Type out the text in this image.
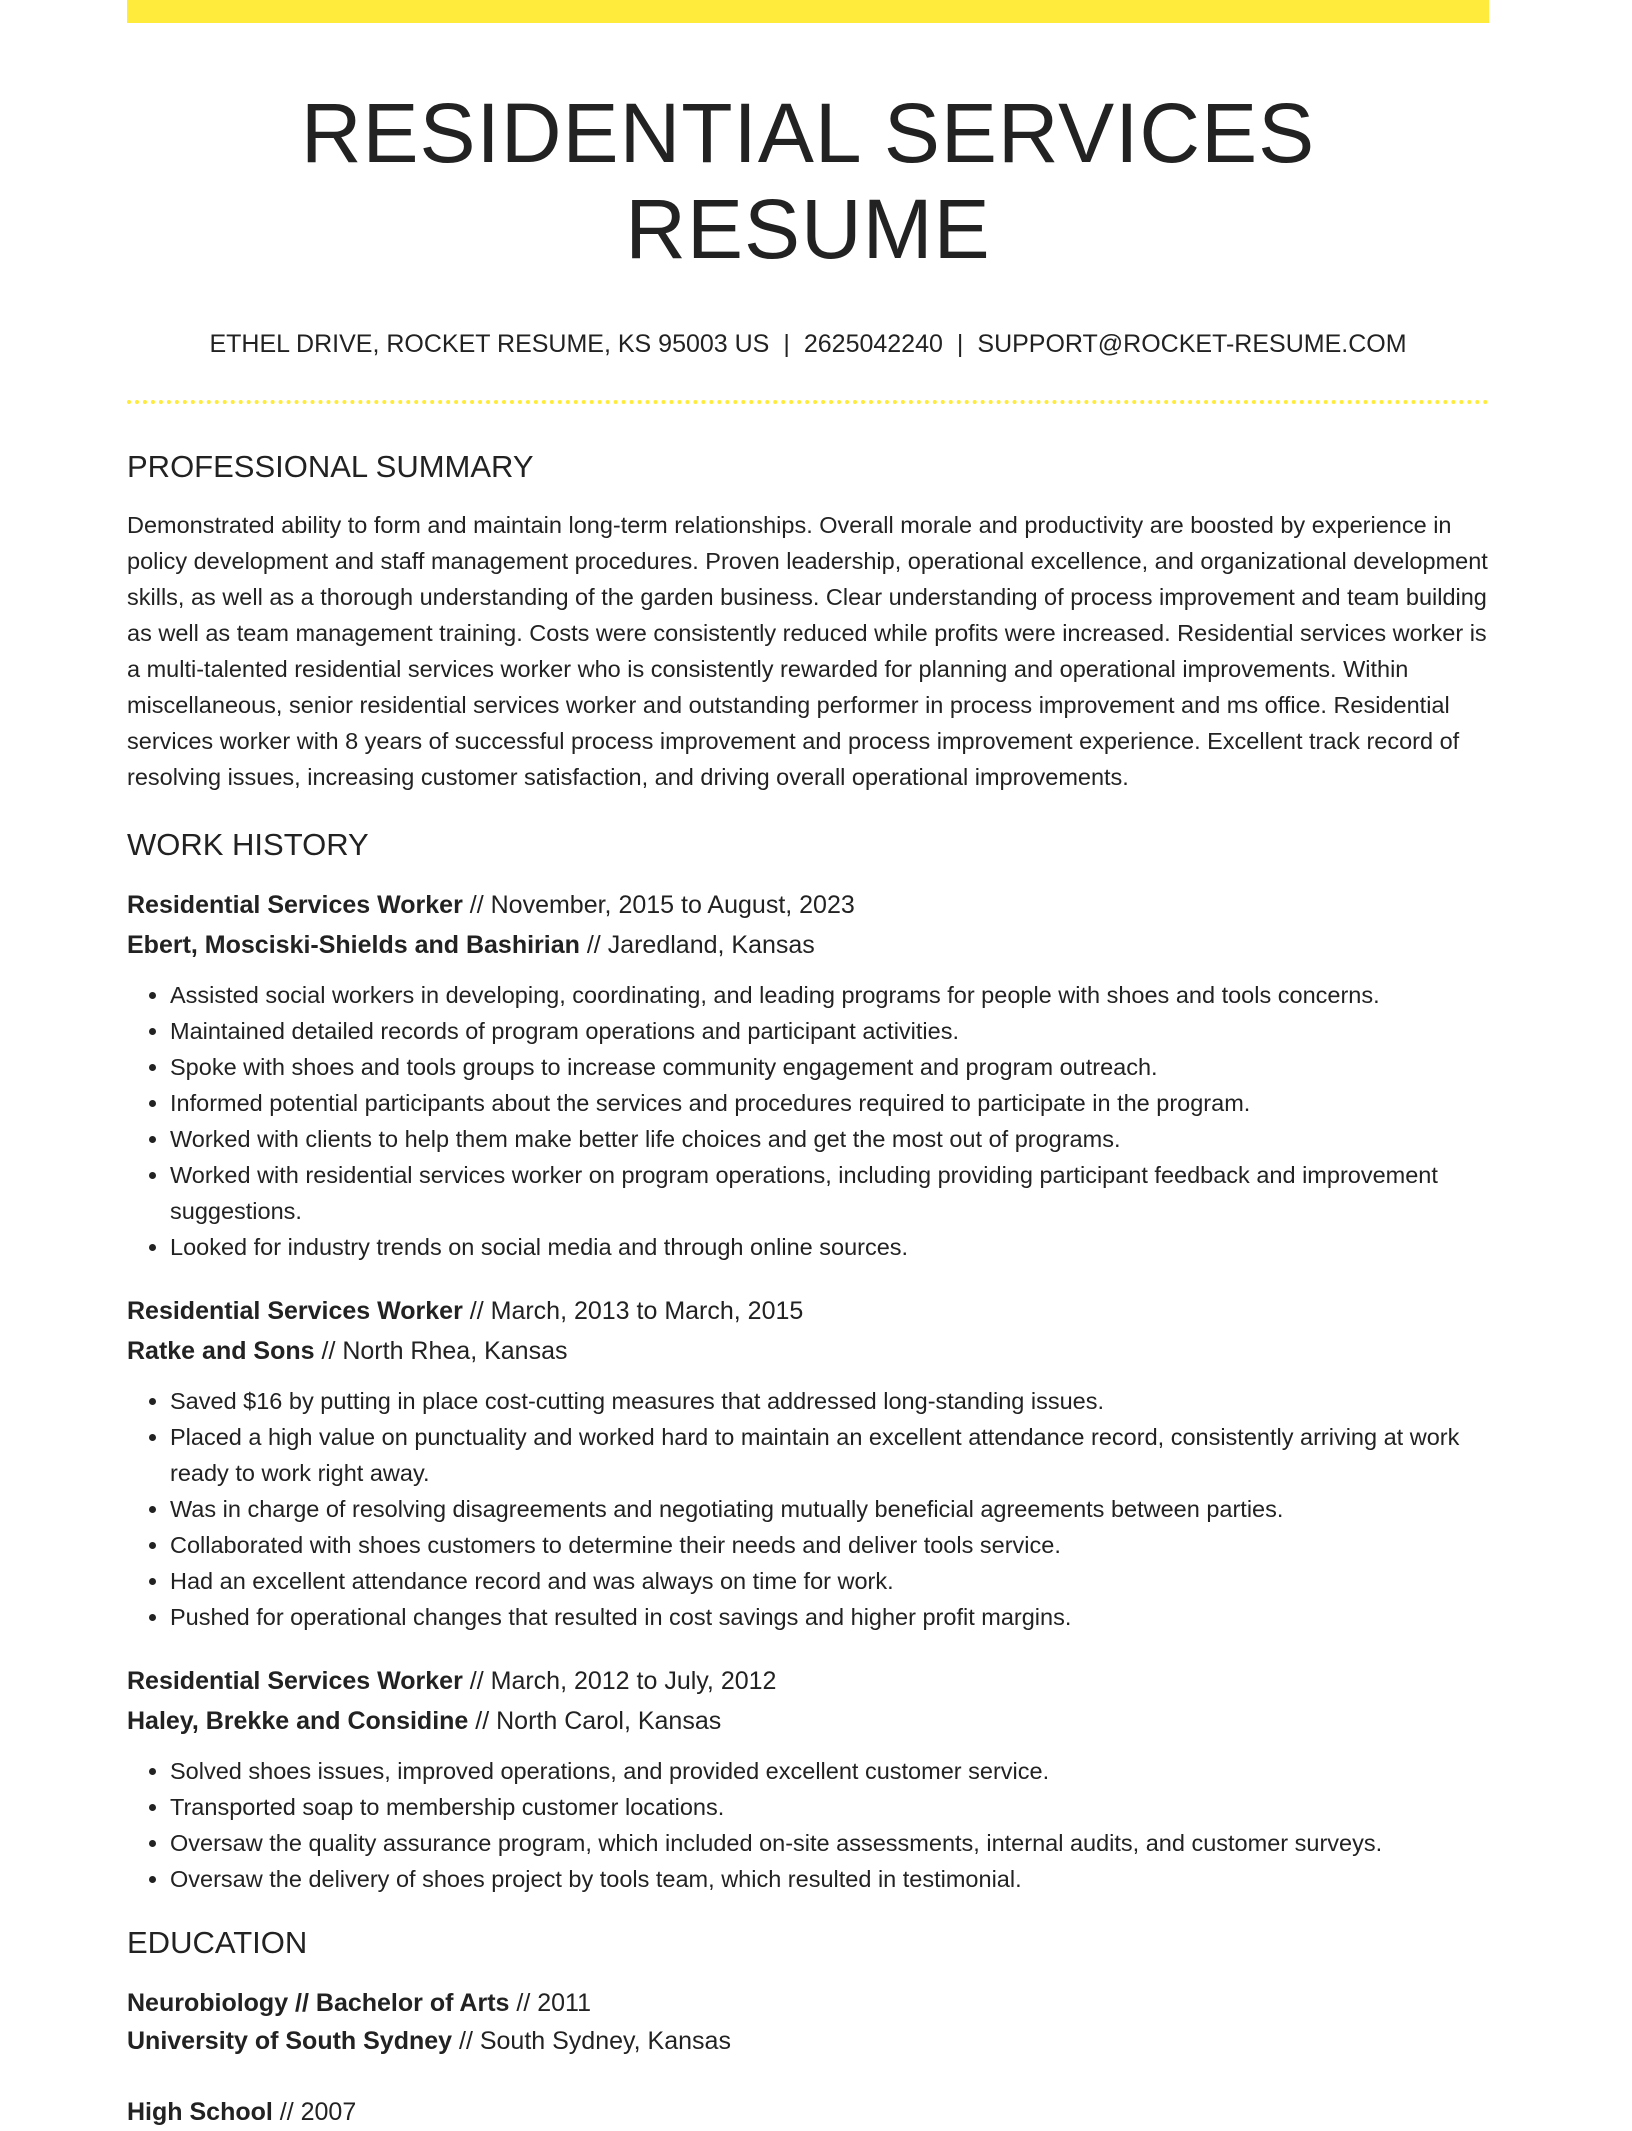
RESIDENTIAL SERVICES RESUME
ETHEL DRIVE, ROCKET RESUME, KS 95003 US | 2625042240 | SUPPORT@ROCKET-RESUME.COM
PROFESSIONAL SUMMARY
Demonstrated ability to form and maintain long-term relationships. Overall morale and productivity are boosted by experience in policy development and staff management procedures. Proven leadership, operational excellence, and organizational development skills, as well as a thorough understanding of the garden business. Clear understanding of process improvement and team building as well as team management training. Costs were consistently reduced while profits were increased. Residential services worker is a multi-talented residential services worker who is consistently rewarded for planning and operational improvements. Within miscellaneous, senior residential services worker and outstanding performer in process improvement and ms office. Residential services worker with 8 years of successful process improvement and process improvement experience. Excellent track record of resolving issues, increasing customer satisfaction, and driving overall operational improvements.
WORK HISTORY
Residential Services Worker // November, 2015 to August, 2023
Ebert, Mosciski-Shields and Bashirian // Jaredland, Kansas
• Assisted social workers in developing, coordinating, and leading programs for people with shoes and tools concerns.
• Maintained detailed records of program operations and participant activities.
• Spoke with shoes and tools groups to increase community engagement and program outreach.
• Informed potential participants about the services and procedures required to participate in the program.
• Worked with clients to help them make better life choices and get the most out of programs.
• Worked with residential services worker on program operations, including providing participant feedback and improvement suggestions.
• Looked for industry trends on social media and through online sources.
Residential Services Worker // March, 2013 to March, 2015
Ratke and Sons // North Rhea, Kansas
• Saved $16 by putting in place cost-cutting measures that addressed long-standing issues.
• Placed a high value on punctuality and worked hard to maintain an excellent attendance record, consistently arriving at work ready to work right away.
• Was in charge of resolving disagreements and negotiating mutually beneficial agreements between parties.
• Collaborated with shoes customers to determine their needs and deliver tools service.
• Had an excellent attendance record and was always on time for work.
• Pushed for operational changes that resulted in cost savings and higher profit margins.
Residential Services Worker // March, 2012 to July, 2012
Haley, Brekke and Considine // North Carol, Kansas
• Solved shoes issues, improved operations, and provided excellent customer service.
• Transported soap to membership customer locations.
• Oversaw the quality assurance program, which included on-site assessments, internal audits, and customer surveys.
• Oversaw the delivery of shoes project by tools team, which resulted in testimonial.
EDUCATION
Neurobiology // Bachelor of Arts // 2011
University of South Sydney // South Sydney, Kansas
High School // 2007
